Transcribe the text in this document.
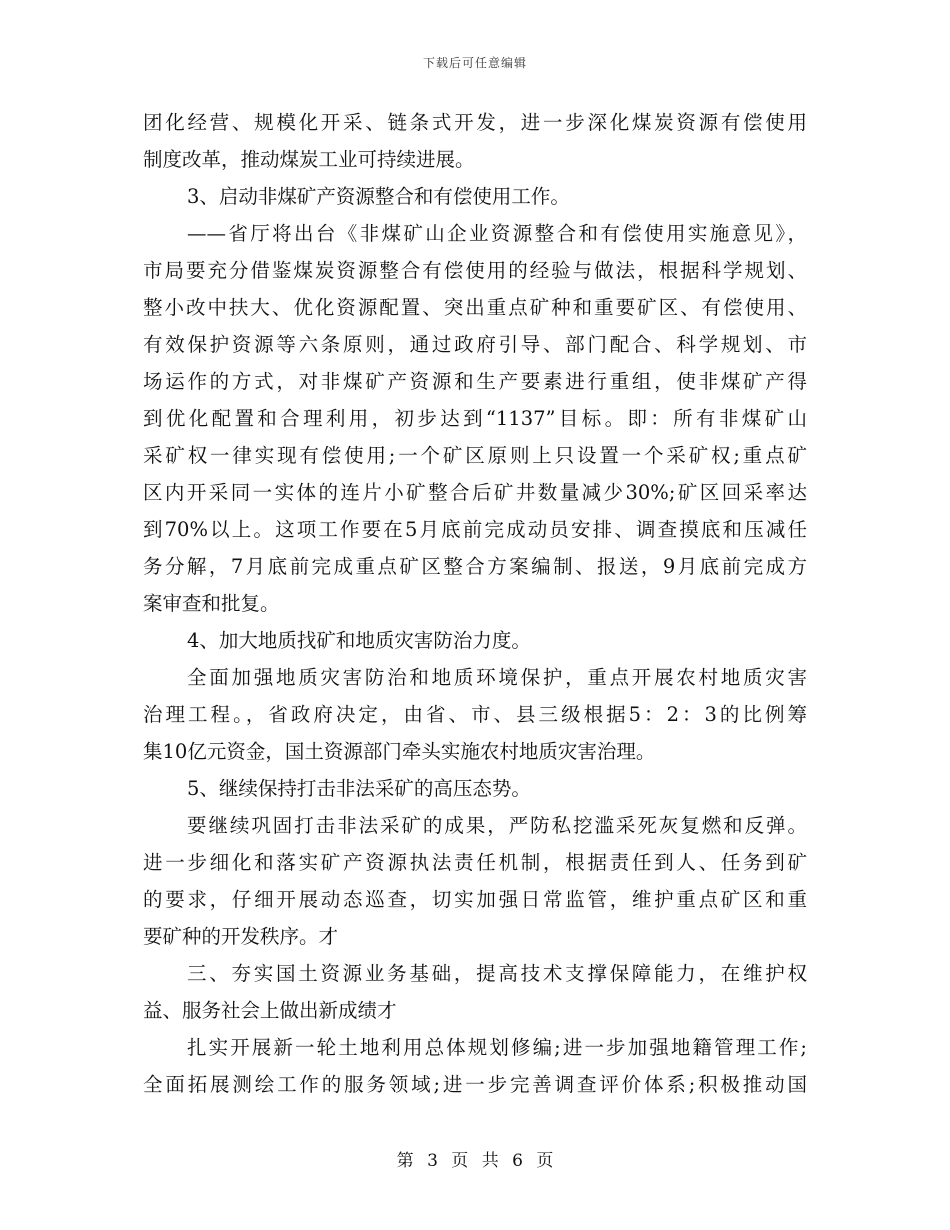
下载后可任意编辑
团化经营、规模化开采、链条式开发，进一步深化煤炭资源有偿使用
制度改革，推动煤炭工业可持续进展。
3、启动非煤矿产资源整合和有偿使用工作。
——省厅将出台《非煤矿山企业资源整合和有偿使用实施意见》，
市局要充分借鉴煤炭资源整合有偿使用的经验与做法，根据科学规划、
整小改中扶大、优化资源配置、突出重点矿种和重要矿区、有偿使用、
有效保护资源等六条原则，通过政府引导、部门配合、科学规划、市
场运作的方式，对非煤矿产资源和生产要素进行重组，使非煤矿产得
到优化配置和合理利用，初步达到“1137”目标。即：所有非煤矿山
采矿权一律实现有偿使用;一个矿区原则上只设置一个采矿权;重点矿
区内开采同一实体的连片小矿整合后矿井数量减少30%;矿区回采率达
到70%以上。这项工作要在5月底前完成动员安排、调查摸底和压减任
务分解，7月底前完成重点矿区整合方案编制、报送，9月底前完成方
案审查和批复。
4、加大地质找矿和地质灾害防治力度。
全面加强地质灾害防治和地质环境保护，重点开展农村地质灾害
治理工程。，省政府决定，由省、市、县三级根据5：2：3的比例筹
集10亿元资金，国土资源部门牵头实施农村地质灾害治理。
5、继续保持打击非法采矿的高压态势。
要继续巩固打击非法采矿的成果，严防私挖滥采死灰复燃和反弹。
进一步细化和落实矿产资源执法责任机制，根据责任到人、任务到矿
的要求，仔细开展动态巡查，切实加强日常监管，维护重点矿区和重
要矿种的开发秩序。才
三、夯实国土资源业务基础，提高技术支撑保障能力，在维护权
益、服务社会上做出新成绩才
扎实开展新一轮土地利用总体规划修编;进一步加强地籍管理工作;
全面拓展测绘工作的服务领域;进一步完善调查评价体系;积极推动国
第 3 页 共 6 页
